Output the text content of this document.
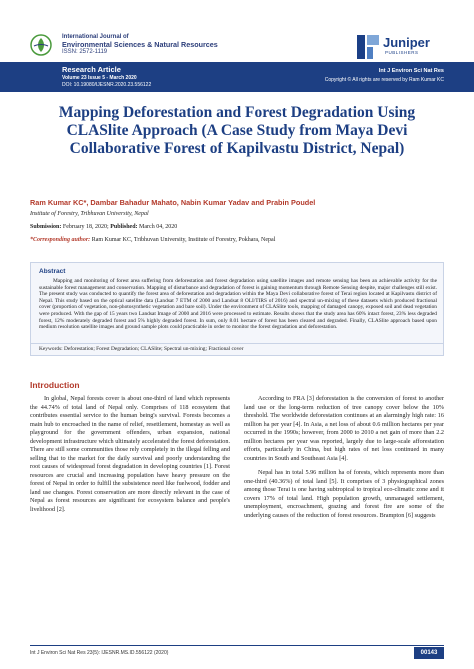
International Journal of
Environmental Sciences & Natural Resources
ISSN: 2572-1119
Juniper
PUBLISHERS
Research Article
Volume 23 Issue 5 - March 2020
DOI: 10.19080/IJESNR.2020.23.556122
Int J Environ Sci Nat Res
Copyright © All rights are reserved by Ram Kumar KC
Mapping Deforestation and Forest Degradation Using CLASlite Approach (A Case Study from Maya Devi Collaborative Forest of Kapilvastu District, Nepal)
Ram Kumar KC*, Dambar Bahadur Mahato, Nabin Kumar Yadav and Prabin Poudel
Institute of Forestry, Tribhuvan University, Nepal
Submission: February 18, 2020; Published: March 04, 2020
*Corresponding author: Ram Kumar KC, Tribhuvan University, Institute of Forestry, Pokhara, Nepal
Abstract
Mapping and monitoring of forest area suffering from deforestation and forest degradation using satellite images and remote sensing has been an achievable activity for the sustainable forest management and conservation. Mapping of disturbance and degradation of forest is gaining momentum through Remote Sensing despite, major challenges still exist. The present study was conducted to quantify the forest area of deforestation and degradation within the Maya Devi collaborative forest of Terai region located at Kapilvastu district of Nepal. This study based on the optical satellite data (Landsat 7 ETM of 2000 and Landsat 8 OLI/TIRS of 2016) and spectral un-mixing of these datasets which produced fractional cover (proportion of vegetation, non-photosynthetic vegetation and bare soil). Under the environment of CLASlite tools, mapping of damaged canopy, exposed soil and dead vegetation were produced. With the gap of 15 years two Landsat Image of 2000 and 2016 were processed to estimate. Results shows that the study area has 60% intact forest, 23% less degraded forest, 12% moderately degraded forest and 5% highly degraded forest. In sum, only 8.01 hectare of forest has been cleared and degraded. Finally, CLASlite approach based upon medium resolution satellite images and ground sample plots could practicable in order to monitor the forest degradation and deforestation.
Keywords: Deforestation; Forest Degradation; CLASlite; Spectral un-mixing; Fractional cover
Introduction

In global, Nepal forests cover is about one-third of land which represents the 44.74% of total land of Nepal only. Comprises of 118 ecosystem that contributes essential service to the human being's survival. Forests becomes a main hub to encroached in the name of relief, resettlement, homestay as well as playground for the government offenders, urban expansion, national development infrastructure which ultimately accelerated the forest deforestation. There are still some communities those rely completely in the illegal felling and selling that to the market for the daily survival and poorly understanding the root causes of widespread forest degradation in developing countries [1]. Forest resources are crucial and increasing population have heavy pressure on the forest of Nepal in order to fulfill the subsistence need like fuelwood, fodder and land use changes. Forest conservation are more directly relevant in the case of Nepal as forest resources are significant for ecosystem balance and people's livelihood [2].

According to FRA [3] deforestation is the conversion of forest to another land use or the long-term reduction of tree canopy cover below the 10% threshold. The worldwide deforestation continues at an alarmingly high rate: 16 million ha per year [4]. In Asia, a net loss of about 0.6 million hectares per year occurred in the 1990s; however, from 2000 to 2010 a net gain of more than 2.2 million hectares per year was reported, largely due to large-scale afforestation efforts, particularly in China, but high rates of net loss continued in many countries in South and Southeast Asia [4].

Nepal has in total 5.96 million ha of forests, which represents more than one-third (40.36%) of total land [5]. It comprises of 3 physiographical zones among those Terai is one having subtropical to tropical eco-climatic zone and it covers 17% of total land. High population growth, unmanaged settlement, unemployment, encroachment, grazing and forest fire are some of the underlying causes of the reduction of forest resources. Brampton [6] suggests

Int J Environ Sci Nat Res 23(5): IJESNR.MS.ID.556122 (2020)	00143
